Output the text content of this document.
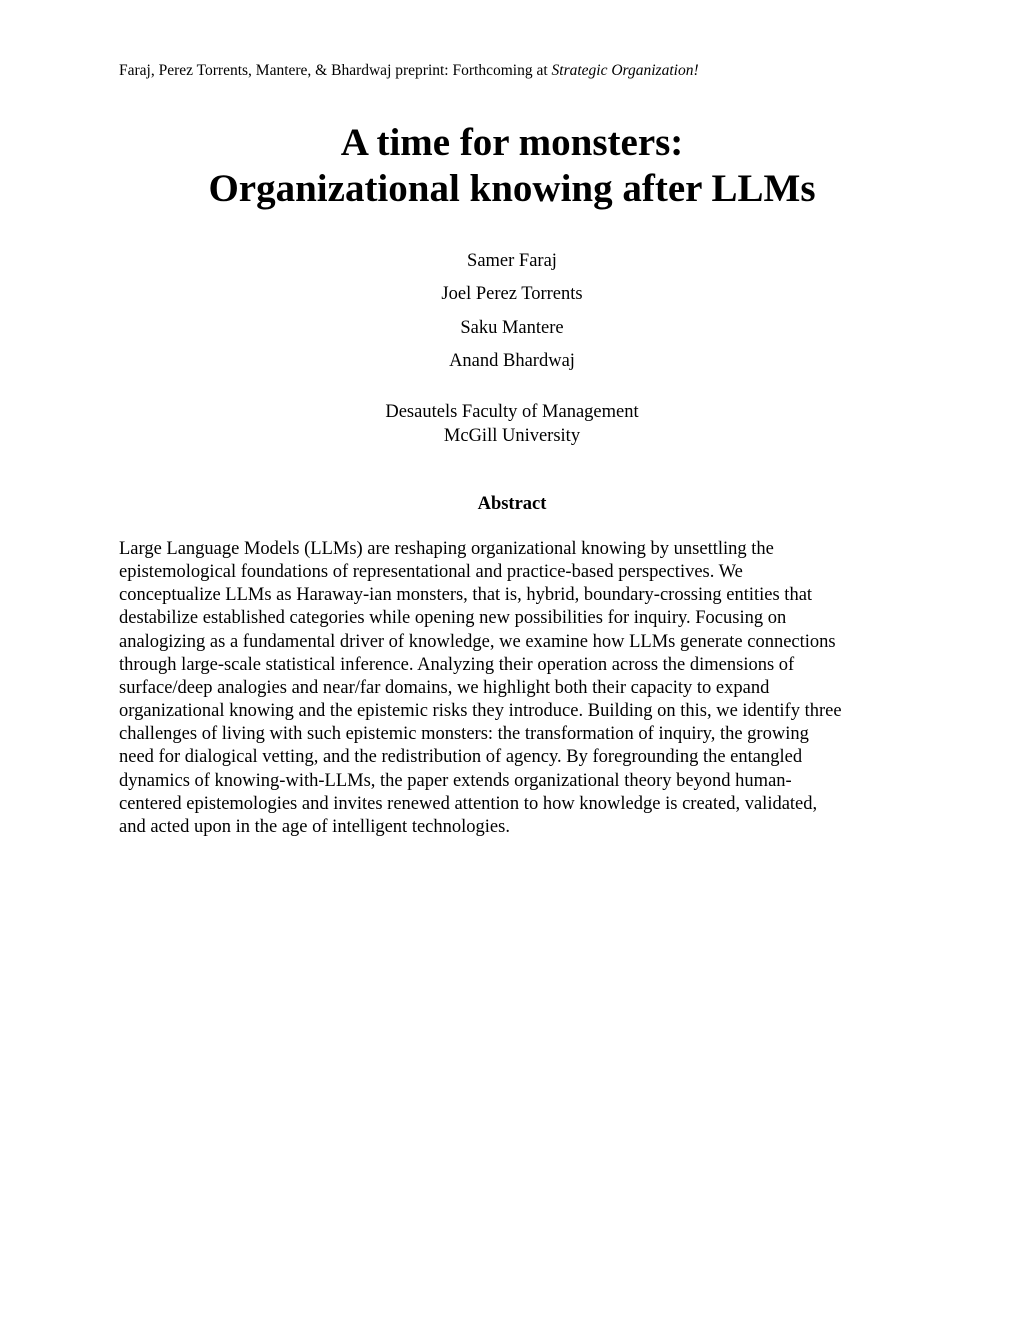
Faraj, Perez Torrents, Mantere, & Bhardwaj preprint: Forthcoming at Strategic Organization!
A time for monsters:
Organizational knowing after LLMs
Samer Faraj
Joel Perez Torrents
Saku Mantere
Anand Bhardwaj
Desautels Faculty of Management
McGill University
Abstract
Large Language Models (LLMs) are reshaping organizational knowing by unsettling the
epistemological foundations of representational and practice-based perspectives. We
conceptualize LLMs as Haraway-ian monsters, that is, hybrid, boundary-crossing entities that
destabilize established categories while opening new possibilities for inquiry. Focusing on
analogizing as a fundamental driver of knowledge, we examine how LLMs generate connections
through large-scale statistical inference. Analyzing their operation across the dimensions of
surface/deep analogies and near/far domains, we highlight both their capacity to expand
organizational knowing and the epistemic risks they introduce. Building on this, we identify three
challenges of living with such epistemic monsters: the transformation of inquiry, the growing
need for dialogical vetting, and the redistribution of agency. By foregrounding the entangled
dynamics of knowing-with-LLMs, the paper extends organizational theory beyond human-
centered epistemologies and invites renewed attention to how knowledge is created, validated,
and acted upon in the age of intelligent technologies.
